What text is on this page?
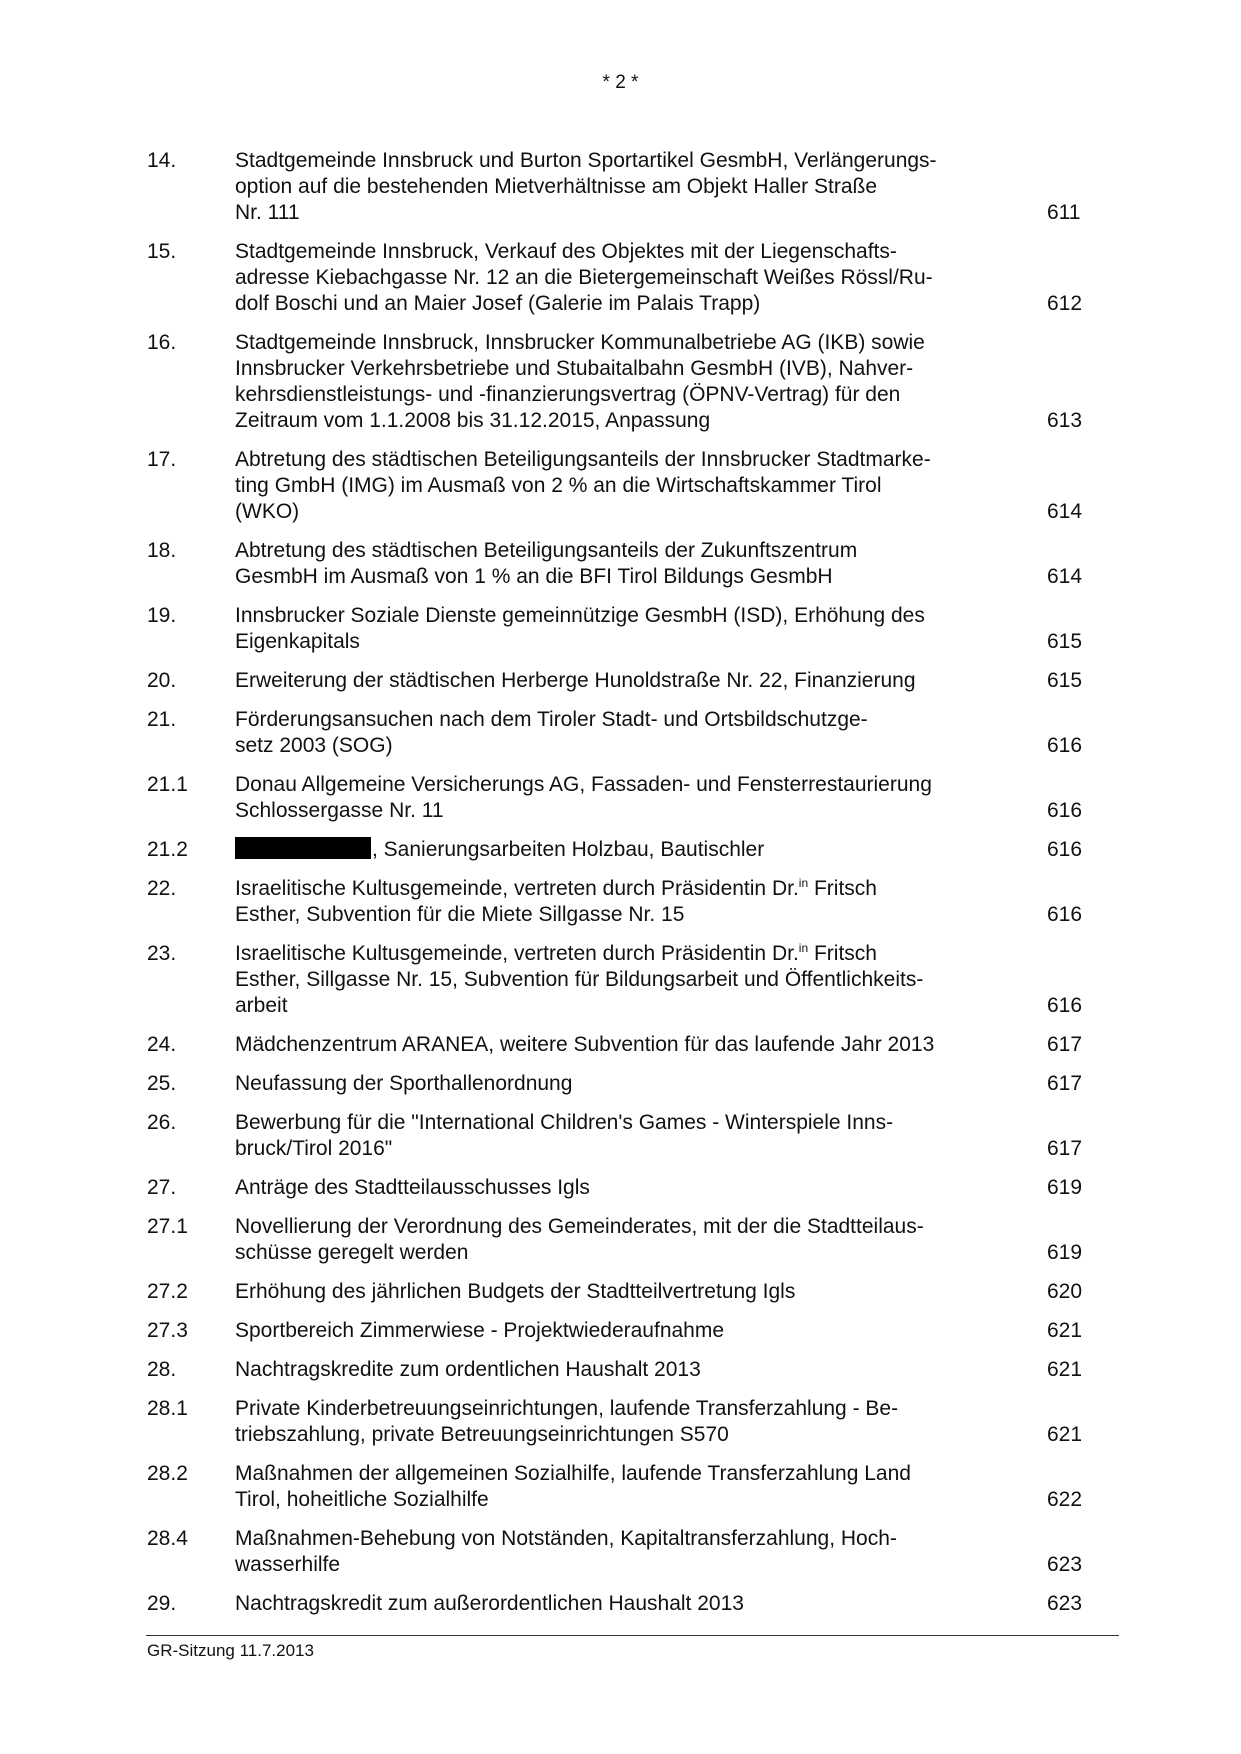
* 2 *
14.	Stadtgemeinde Innsbruck und Burton Sportartikel GesmbH, Verlängerungs-
option auf die bestehenden Mietverhältnisse am Objekt Haller Straße
Nr. 111	611
15.	Stadtgemeinde Innsbruck, Verkauf des Objektes mit der Liegenschafts-
adresse Kiebachgasse Nr. 12 an die Bietergemeinschaft Weißes Rössl/Ru-
dolf Boschi und an Maier Josef (Galerie im Palais Trapp)	612
16.	Stadtgemeinde Innsbruck, Innsbrucker Kommunalbetriebe AG (IKB) sowie
Innsbrucker Verkehrsbetriebe und Stubaitalbahn GesmbH (IVB), Nahver-
kehrsdienstleistungs- und -finanzierungsvertrag (ÖPNV-Vertrag) für den
Zeitraum vom 1.1.2008 bis 31.12.2015, Anpassung	613
17.	Abtretung des städtischen Beteiligungsanteils der Innsbrucker Stadtmarke-
ting GmbH (IMG) im Ausmaß von 2 % an die Wirtschaftskammer Tirol
(WKO)	614
18.	Abtretung des städtischen Beteiligungsanteils der Zukunftszentrum
GesmbH im Ausmaß von 1 % an die BFI Tirol Bildungs GesmbH	614
19.	Innsbrucker Soziale Dienste gemeinnützige GesmbH (ISD), Erhöhung des
Eigenkapitals	615
20.	Erweiterung der städtischen Herberge Hunoldstraße Nr. 22, Finanzierung	615
21.	Förderungsansuchen nach dem Tiroler Stadt- und Ortsbildschutzge-
setz 2003 (SOG)	616
21.1 Donau Allgemeine Versicherungs AG, Fassaden- und Fensterrestaurierung
Schlossergasse Nr. 11	616
21.2	, Sanierungsarbeiten Holzbau, Bautischler	616
22.	Israelitische Kultusgemeinde, vertreten durch Präsidentin Dr.$^{in}$ Fritsch
Esther, Subvention für die Miete Sillgasse Nr. 15	616
23.	Israelitische Kultusgemeinde, vertreten durch Präsidentin Dr.$^{in}$ Fritsch
Esther, Sillgasse Nr. 15, Subvention für Bildungsarbeit und Öffentlichkeits-
arbeit	616
24.	Mädchenzentrum ARANEA, weitere Subvention für das laufende Jahr 2013	617
25.	Neufassung der Sporthallenordnung	617
26.	Bewerbung für die "International Children's Games - Winterspiele Inns-
bruck/Tirol 2016"	617
27.	Anträge des Stadtteilausschusses Igls	619
27.1 Novellierung der Verordnung des Gemeinderates, mit der die Stadtteilaus-
schüsse geregelt werden	619
27.2 Erhöhung des jährlichen Budgets der Stadtteilvertretung Igls	620
27.3 Sportbereich Zimmerwiese - Projektwiederaufnahme	621
28.	Nachtragskredite zum ordentlichen Haushalt 2013	621
28.1 Private Kinderbetreuungseinrichtungen, laufende Transferzahlung - Be-
triebszahlung, private Betreuungseinrichtungen S570	621
28.2 Maßnahmen der allgemeinen Sozialhilfe, laufende Transferzahlung Land
Tirol, hoheitliche Sozialhilfe	622
28.4 Maßnahmen-Behebung von Notständen, Kapitaltransferzahlung, Hoch-
wasserhilfe	623
29.	Nachtragskredit zum außerordentlichen Haushalt 2013	623
GR-Sitzung 11.7.2013
